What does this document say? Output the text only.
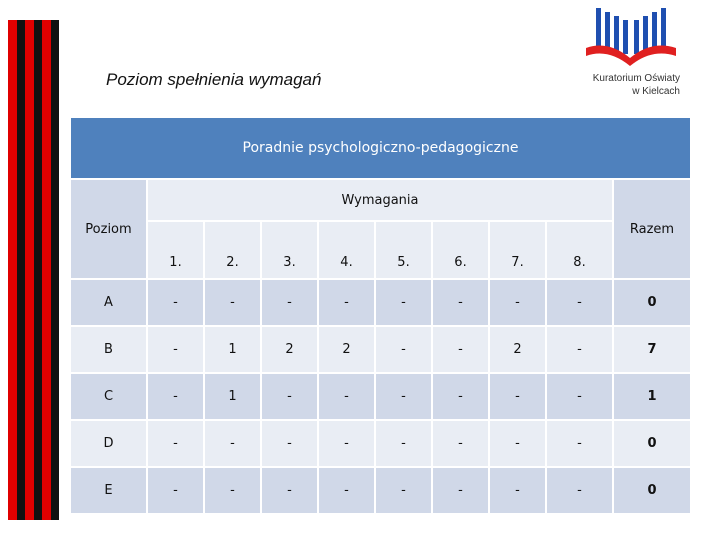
Poziom spełnienia wymagań	Kuratorium Oświaty
w Kielcach
Poradnie psychologiczno-pedagogiczne
Poziom
Wymagania
1.	2.	3.	4.	5.	6.	7.	8.
Razem
A	-	-	-	-	-	-	-	-	0
B	-	1	2	2	-	-	2	-	7
C	-	1	-	-	-	-	-	-	1
D	-	-	-	-	-	-	-	-	0
E	-	-	-	-	-	-	-	-	0
